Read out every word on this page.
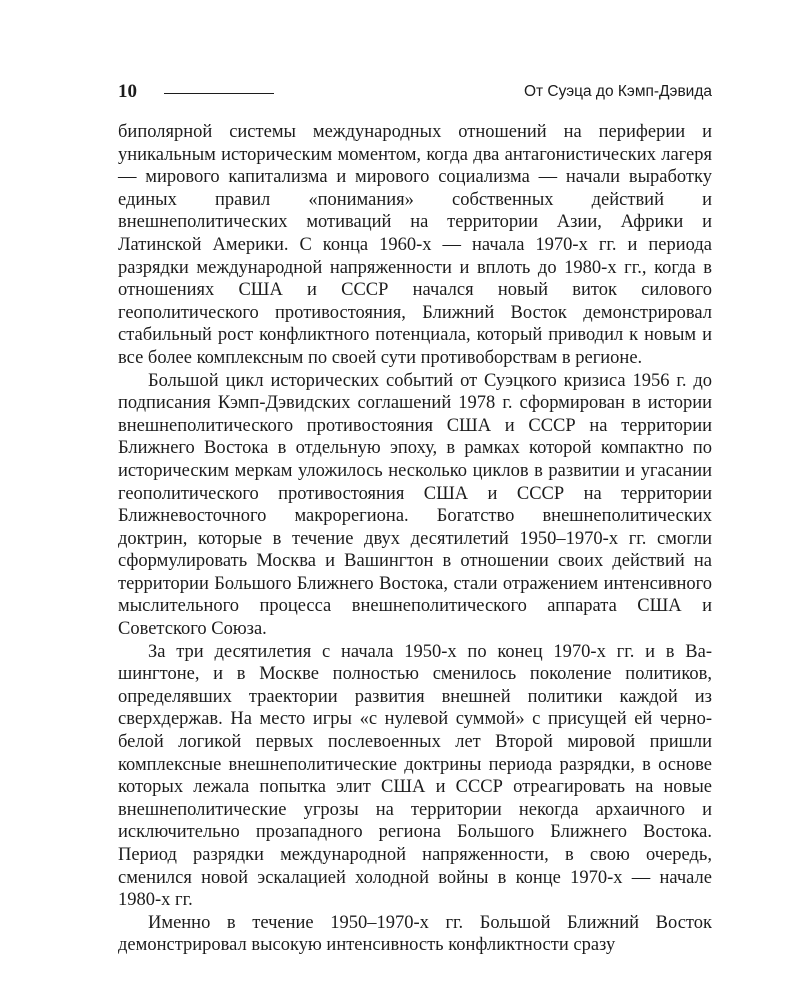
10	От Суэца до Кэмп-Дэвида

биполярной системы международных отношений на периферии и уникальным историческим моментом, когда два антагонистических лагеря — мирового капитализма и мирового социализма — начали выработку единых правил «понимания» собственных действий и внешнеполитических мотиваций на территории Азии, Африки и Латинской Америки. С конца 1960-х — начала 1970-х гг. и периода разрядки международной напряженности и вплоть до 1980-х гг., когда в отношениях США и СССР начался новый виток силового геополитического противостояния, Ближний Восток демонстрировал стабильный рост конфликтного потенциала, который приводил к новым и все более комплексным по своей сути противоборствам в регионе.

Большой цикл исторических событий от Суэцкого кризиса 1956 г. до подписания Кэмп-Дэвидских соглашений 1978 г. сформирован в истории внешнеполитического противостояния США и СССР на территории Ближнего Востока в отдельную эпоху, в рамках которой компактно по историческим меркам уложилось несколько циклов в развитии и угасании геополитического противостояния США и СССР на территории Ближневосточного макрорегиона. Богатство внешнеполитических доктрин, которые в течение двух десятилетий 1950–1970-х гг. смогли сформулировать Москва и Вашингтон в отношении своих действий на территории Большого Ближнего Востока, стали отражением интенсивного мыслительного процесса внешнеполитического аппарата США и Советского Союза.

За три десятилетия с начала 1950-х по конец 1970-х гг. и в Вашингтоне, и в Москве полностью сменилось поколение политиков, определявших траектории развития внешней политики каждой из сверхдержав. На место игры «с нулевой суммой» с присущей ей черно-белой логикой первых послевоенных лет Второй мировой пришли комплексные внешнеполитические доктрины периода разрядки, в основе которых лежала попытка элит США и СССР отреагировать на новые внешнеполитические угрозы на территории некогда архаичного и исключительно прозападного региона Большого Ближнего Востока. Период разрядки международной напряженности, в свою очередь, сменился новой эскалацией холодной войны в конце 1970-х — начале 1980-х гг.

Именно в течение 1950–1970-х гг. Большой Ближний Восток демонстрировал высокую интенсивность конфликтности сразу
